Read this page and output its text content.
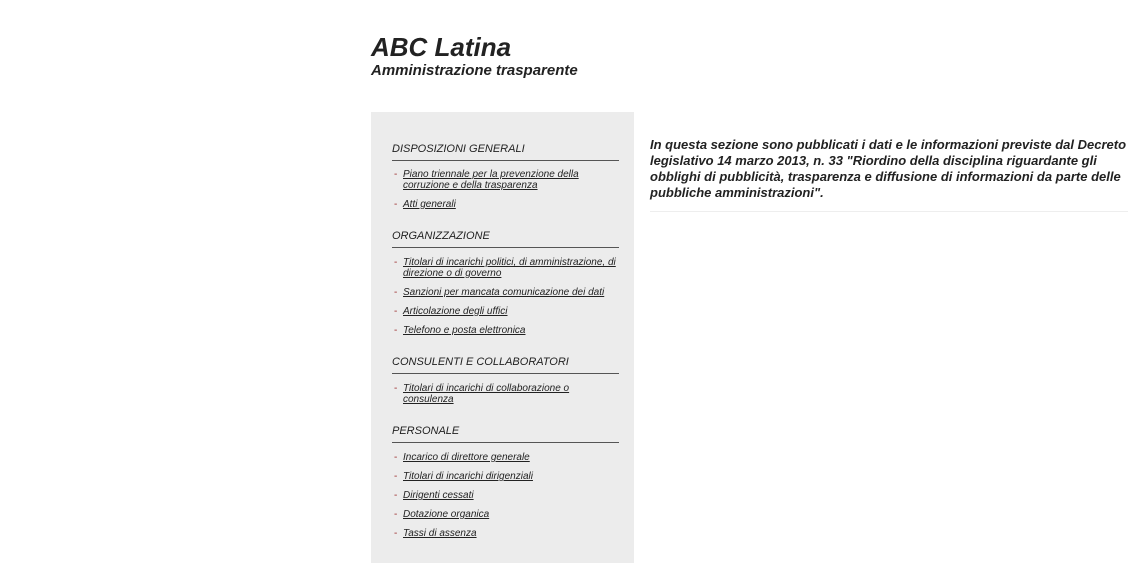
ABC Latina
Amministrazione trasparente
DISPOSIZIONI GENERALI
- Piano triennale per la prevenzione della corruzione e della trasparenza
- Atti generali
ORGANIZZAZIONE
- Titolari di incarichi politici, di amministrazione, di direzione o di governo
- Sanzioni per mancata comunicazione dei dati
- Articolazione degli uffici
- Telefono e posta elettronica
CONSULENTI E COLLABORATORI
- Titolari di incarichi di collaborazione o consulenza
PERSONALE
- Incarico di direttore generale
- Titolari di incarichi dirigenziali
- Dirigenti cessati
- Dotazione organica
- Tassi di assenza
In questa sezione sono pubblicati i dati e le informazioni previste dal Decreto legislativo 14 marzo 2013, n. 33 "Riordino della disciplina riguardante gli obblighi di pubblicità, trasparenza e diffusione di informazioni da parte delle pubbliche amministrazioni".
